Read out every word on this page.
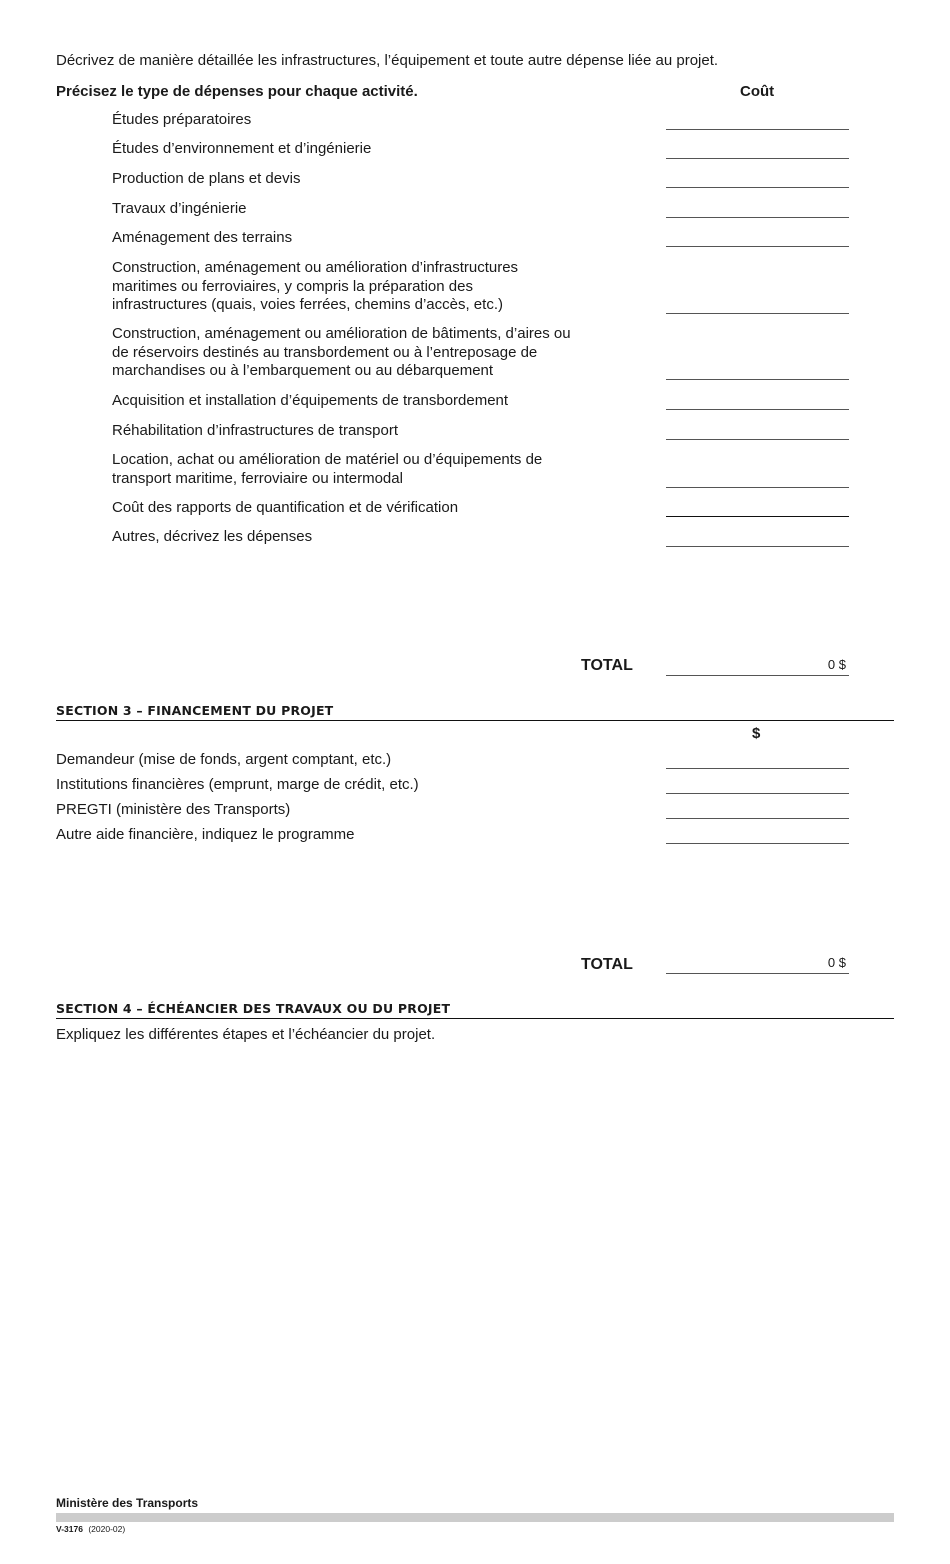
Décrivez de manière détaillée les infrastructures, l’équipement et toute autre dépense liée au projet.
Précisez le type de dépenses pour chaque activité.	Coût
Études préparatoires
Études d’environnement et d’ingénierie
Production de plans et devis
Travaux d’ingénierie
Aménagement des terrains
Construction, aménagement ou amélioration d’infrastructures
maritimes ou ferroviaires, y compris la préparation des
infrastructures (quais, voies ferrées, chemins d’accès, etc.)
Construction, aménagement ou amélioration de bâtiments, d’aires ou
de réservoirs destinés au transbordement ou à l’entreposage de
marchandises ou à l’embarquement ou au débarquement
Acquisition et installation d’équipements de transbordement
Réhabilitation d’infrastructures de transport
Location, achat ou amélioration de matériel ou d’équipements de
transport maritime, ferroviaire ou intermodal
Coût des rapports de quantification et de vérification
Autres, décrivez les dépenses
TOTAL	0 $
SECTION 3 – FINANCEMENT DU PROJET
$
Demandeur (mise de fonds, argent comptant, etc.)
Institutions financières (emprunt, marge de crédit, etc.)
PREGTI (ministère des Transports)
Autre aide financière, indiquez le programme
TOTAL	0 $
SECTION 4 – ÉCHÉANCIER DES TRAVAUX OU DU PROJET
Expliquez les différentes étapes et l’échéancier du projet.
Ministère des Transports
V-3176 (2020-02)
